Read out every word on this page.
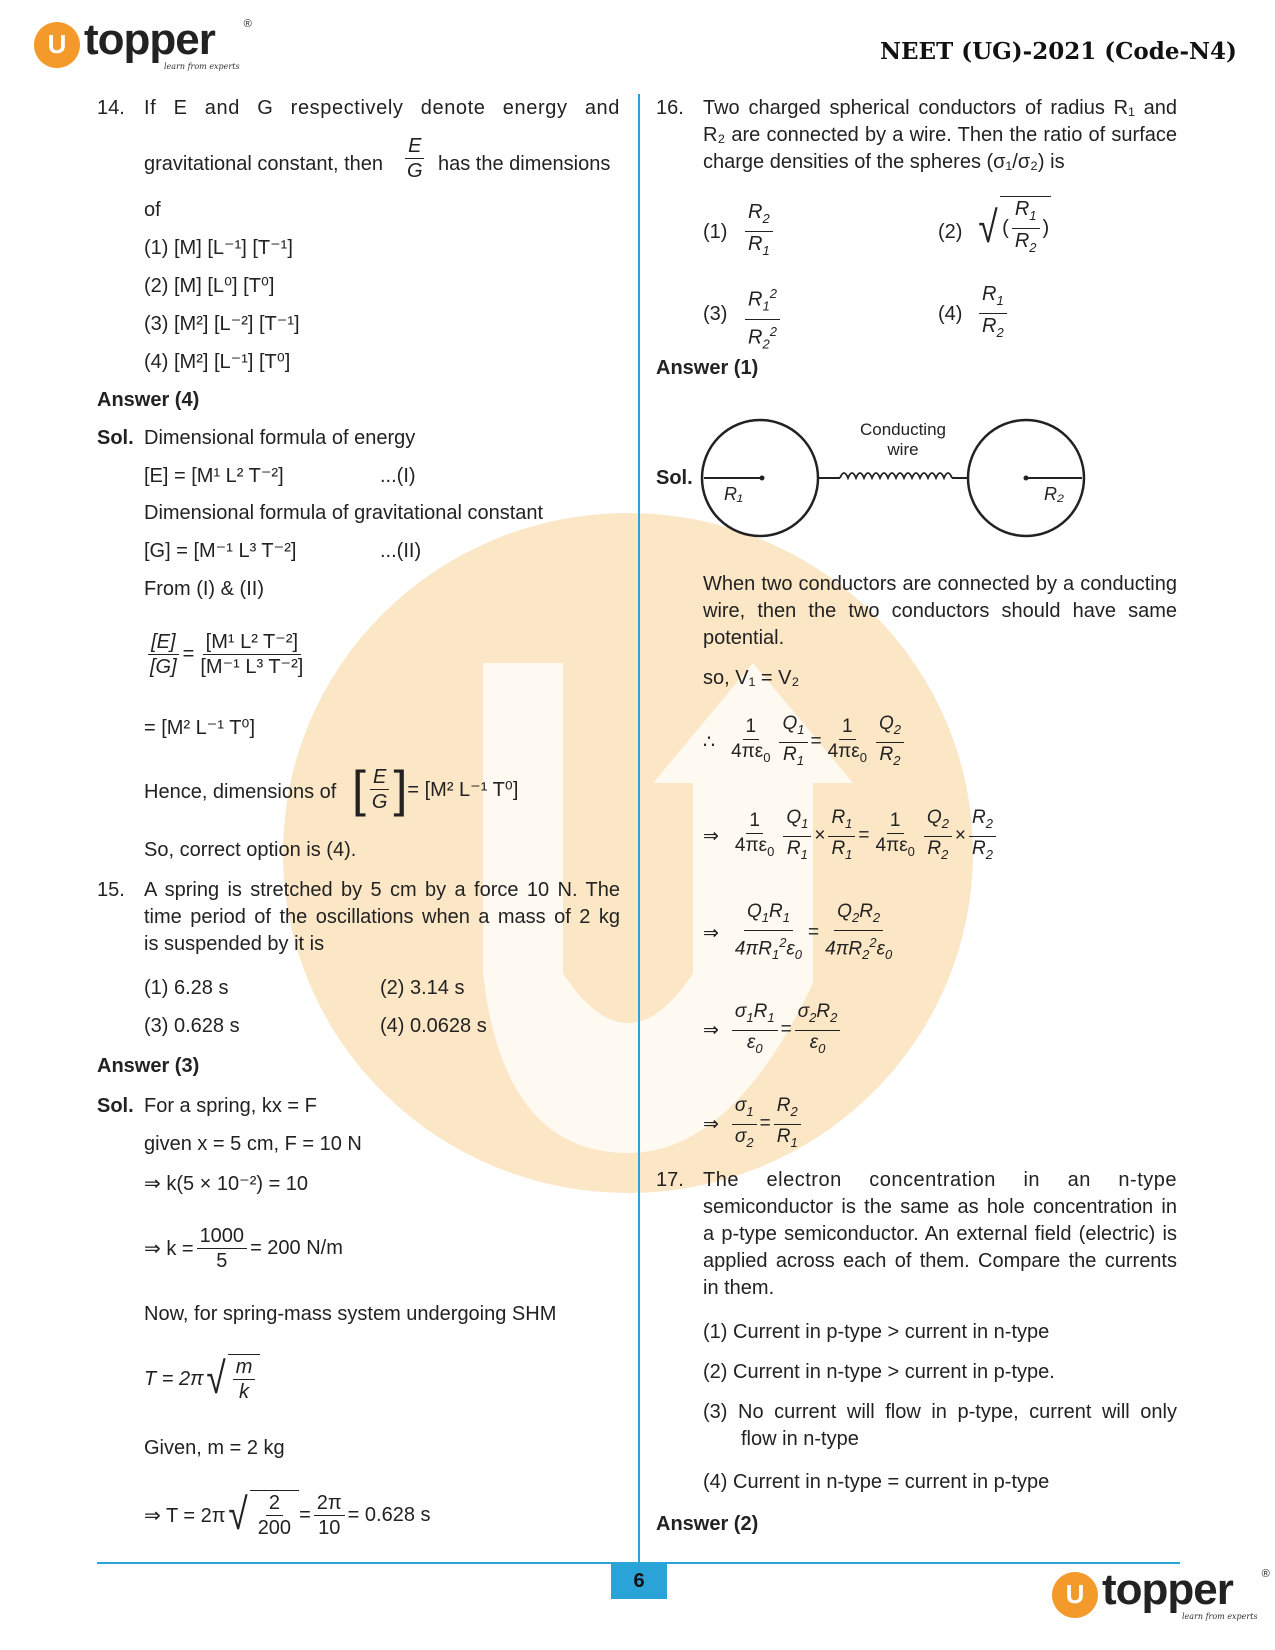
U topper
learn from experts
®
NEET (UG)-2021 (Code-N4)
14. If E and G respectively denote energy and
gravitational constant, then $\frac{E}{G}$ has the dimensions
of
(1) [M] [L⁻¹] [T⁻¹]
(2) [M] [L⁰] [T⁰]
(3) [M²] [L⁻²] [T⁻¹]
(4) [M²] [L⁻¹] [T⁰]
Answer (4)
Sol. Dimensional formula of energy
[E] = [M¹ L² T⁻²]	...(I)
Dimensional formula of gravitational constant
[G] = [M⁻¹ L³ T⁻²]	...(II)
From (I) & (II)
$\frac{[E]}{[G]} = \frac{\text{[M¹ L² T⁻²]}}{\text{[M⁻¹ L³ T⁻²]}}$
= [M² L⁻¹ T⁰]
Hence, dimensions of [ $\frac{E}{G}$ ] = [M² L⁻¹ T⁰]
So, correct option is (4).
15. A spring is stretched by 5 cm by a force 10 N. The
time period of the oscillations when a mass of 2 kg
is suspended by it is
(1) 6.28 s	(2) 3.14 s
(3) 0.628 s	(4) 0.0628 s
Answer (3)
Sol. For a spring, kx = F
given x = 5 cm, F = 10 N
⇒ k(5 × 10⁻²) = 10
⇒ $k = \frac{1000}{5} = 200$ N/m
Now, for spring-mass system undergoing SHM
T = 2π √ $\frac{m}{k}$
Given, m = 2 kg
⇒ T = 2π √ $\frac{2}{200} = \frac{2\pi}{10} = 0.628$ s
16. Two charged spherical conductors of radius R₁ and
R₂ are connected by a wire. Then the ratio of surface
charge densities of the spheres (σ₁/σ₂) is
$(1) \frac{R_2}{R_1}$	(2) √ ( $\frac{R_1}{R_2}$ )
$(3) \frac{R_1^2}{R_2^2}$	$(4) \frac{R_1}{R_2}$
Answer (1)
Sol.
Conducting
wire
R₁	R₂
When two conductors are connected by a conducting
wire, then the two conductors should have same
potential.
so, V₁ = V₂
∴ $\frac{1}{4\pi\varepsilon_0} \frac{Q_1}{R_1} = \frac{1}{4\pi\varepsilon_0} \frac{Q_2}{R_2}$
⇒ $\frac{1}{4\pi\varepsilon_0} \frac{Q_1}{R_1} \times \frac{R_1}{R_1} = \frac{1}{4\pi\varepsilon_0} \frac{Q_2}{R_2} \times \frac{R_2}{R_2}$
⇒ $\frac{Q_1R_1}{4\pi R_1^2\varepsilon_0} = \frac{Q_2R_2}{4\pi R_2^2\varepsilon_0}$
⇒ $\frac{\sigma_1R_1}{\varepsilon_0} = \frac{\sigma_2R_2}{\varepsilon_0}$
⇒ $\frac{\sigma_1}{\sigma_2} = \frac{R_2}{R_1}$
17. The electron concentration in an n-type
semiconductor is the same as hole concentration in
a p-type semiconductor. An external field (electric) is
applied across each of them. Compare the currents
in them.
(1) Current in p-type > current in n-type
(2) Current in n-type > current in p-type.
(3) No current will flow in p-type, current will only
flow in n-type
(4) Current in n-type = current in p-type
Answer (2)
6	U topper
learn from experts
®
